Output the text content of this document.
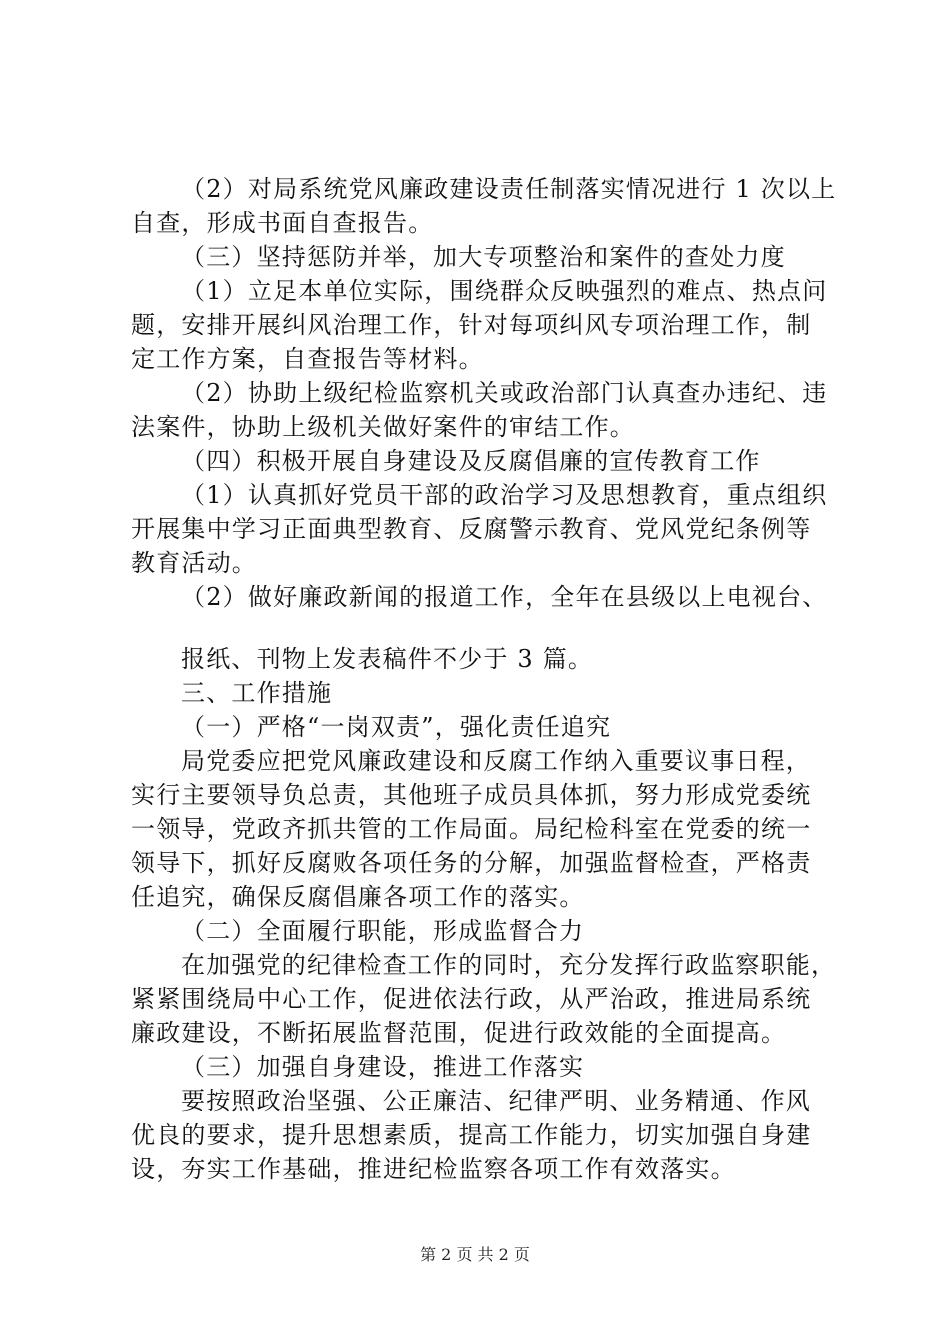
（2）对局系统党风廉政建设责任制落实情况进行 1 次以上
自查，形成书面自查报告。

（三）坚持惩防并举，加大专项整治和案件的查处力度

（1）立足本单位实际，围绕群众反映强烈的难点、热点问
题，安排开展纠风治理工作，针对每项纠风专项治理工作，制
定工作方案，自查报告等材料。

（2）协助上级纪检监察机关或政治部门认真查办违纪、违
法案件，协助上级机关做好案件的审结工作。

（四）积极开展自身建设及反腐倡廉的宣传教育工作

（1）认真抓好党员干部的政治学习及思想教育，重点组织
开展集中学习正面典型教育、反腐警示教育、党风党纪条例等
教育活动。

（2）做好廉政新闻的报道工作，全年在县级以上电视台、

报纸、刊物上发表稿件不少于 3 篇。

三、工作措施

（一）严格“一岗双责”，强化责任追究

局党委应把党风廉政建设和反腐工作纳入重要议事日程，
实行主要领导负总责，其他班子成员具体抓，努力形成党委统
一领导，党政齐抓共管的工作局面。局纪检科室在党委的统一
领导下，抓好反腐败各项任务的分解，加强监督检查，严格责
任追究，确保反腐倡廉各项工作的落实。

（二）全面履行职能，形成监督合力

在加强党的纪律检查工作的同时，充分发挥行政监察职能，
紧紧围绕局中心工作，促进依法行政，从严治政，推进局系统
廉政建设，不断拓展监督范围，促进行政效能的全面提高。

（三）加强自身建设，推进工作落实

要按照政治坚强、公正廉洁、纪律严明、业务精通、作风
优良的要求，提升思想素质，提高工作能力，切实加强自身建
设，夯实工作基础，推进纪检监察各项工作有效落实。

第 2 页 共 2 页
